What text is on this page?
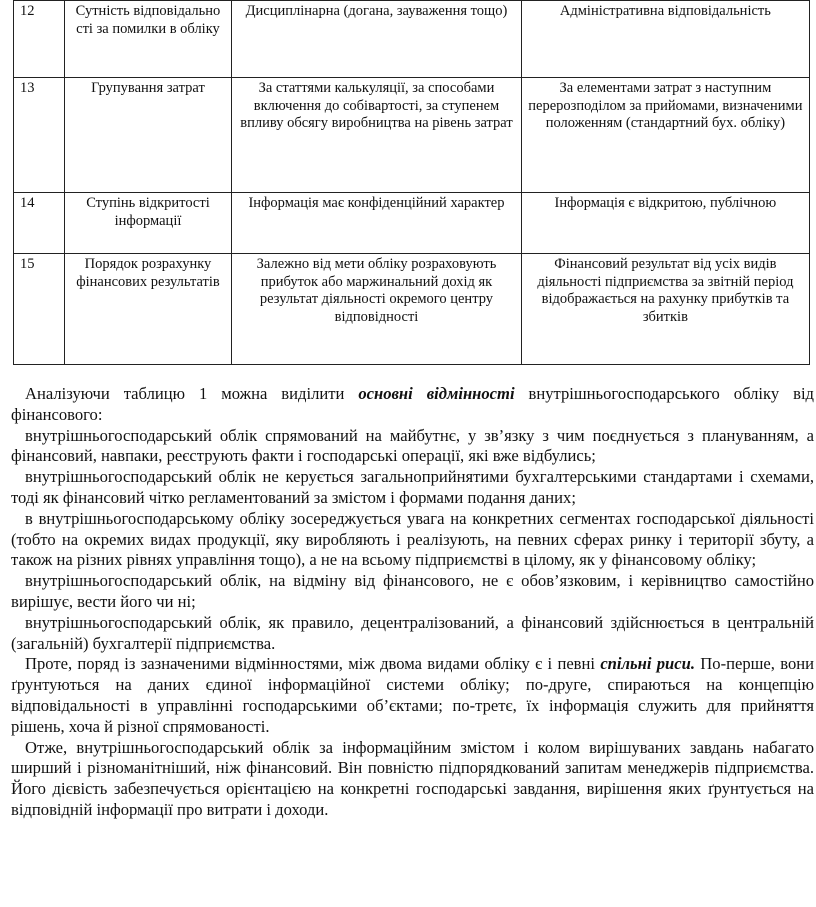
12	Сутність відповідально сті за помилки в обліку	Дисциплінарна (догана, зауваження тощо)	Адміністративна відповідальність
13	Групування затрат	За статтями калькуляції, за способами включення до собівартості, за ступенем впливу обсягу виробництва на рівень затрат	За елементами затрат з наступним перерозподілом за прийомами, визначеними положенням (стандартний бух. обліку)
14	Ступінь відкритості інформації	Інформація має конфіденційний характер	Інформація є відкритою, публічною
15	Порядок розрахунку фінансових результатів	Залежно від мети обліку розраховують прибуток або маржинальний дохід як результат діяльності окремого центру відповідності	Фінансовий результат від усіх видів діяльності підприємства за звітній період відображається на рахунку прибутків та збитків

Аналізуючи таблицю 1 можна виділити основні відмінності внутрішньогосподарського обліку від фінансового:

внутрішньогосподарський облік спрямований на майбутнє, у зв’язку з чим поєднується з плануванням, а фінансовий, навпаки, реєструють факти і господарські операції, які вже відбулись;

внутрішньогосподарський облік не керується загальноприйнятими бухгалтерськими стандартами і схемами, тоді як фінансовий чітко регламентований за змістом і формами подання даних;

в внутрішньогосподарському обліку зосереджується увага на конкретних сегментах господарської діяльності (тобто на окремих видах продукції, яку виробляють і реалізують, на певних сферах ринку і території збуту, а також на різних рівнях управління тощо), а не на всьому підприємстві в цілому, як у фінансовому обліку;

внутрішньогосподарський облік, на відміну від фінансового, не є обов’язковим, і керівництво самостійно вирішує, вести його чи ні;

внутрішньогосподарський облік, як правило, децентралізований, а фінансовий здійснюється в центральній (загальній) бухгалтерії підприємства.

Проте, поряд із зазначеними відмінностями, між двома видами обліку є і певні спільні риси. По-перше, вони ґрунтуються на даних єдиної інформаційної системи обліку; по-друге, спираються на концепцію відповідальності в управлінні господарськими об’єктами; по-третє, їх інформація служить для прийняття рішень, хоча й різної спрямованості.

Отже, внутрішньогосподарський облік за інформаційним змістом і колом вирішуваних завдань набагато ширший і різноманітніший, ніж фінансовий. Він повністю підпорядкований запитам менеджерів підприємства. Його дієвість забезпечується орієнтацією на конкретні господарські завдання, вирішення яких ґрунтується на відповідній інформації про витрати і доходи.
